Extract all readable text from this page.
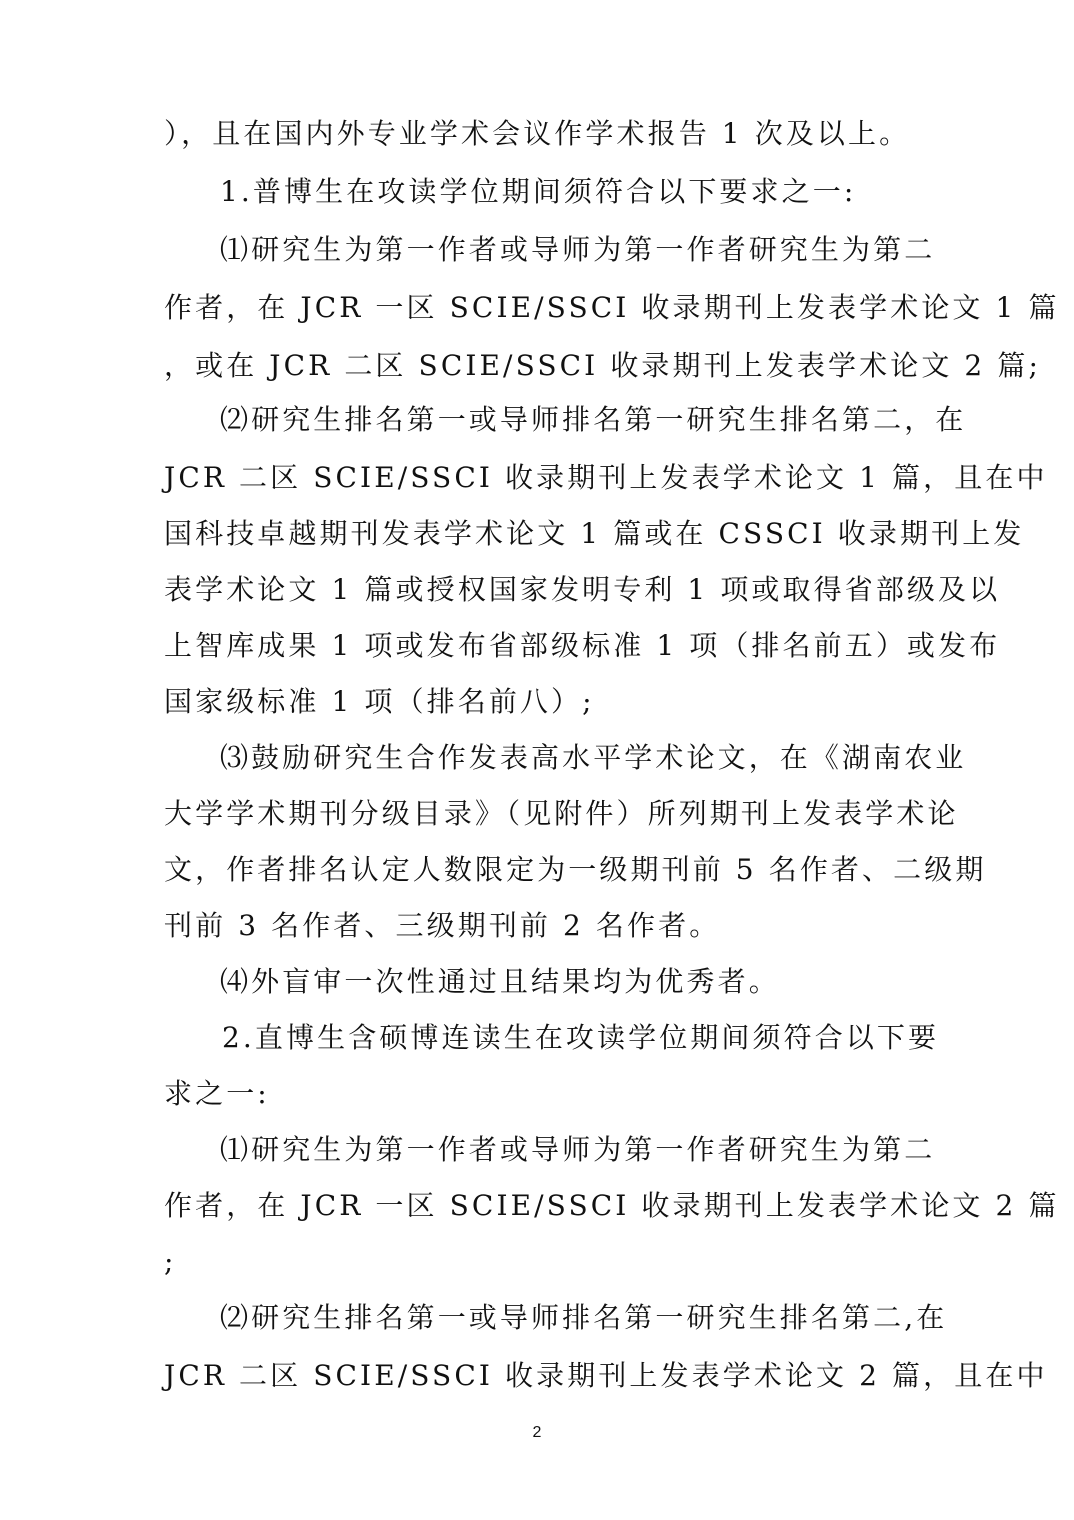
），且在国内外专业学术会议作学术报告 1 次及以上。
1.普博生在攻读学位期间须符合以下要求之一:
⑴研究生为第一作者或导师为第一作者研究生为第二
作者，在 JCR 一区 SCIE/SSCI 收录期刊上发表学术论文 1 篇
，或在 JCR 二区 SCIE/SSCI 收录期刊上发表学术论文 2 篇;
⑵研究生排名第一或导师排名第一研究生排名第二，在
JCR 二区 SCIE/SSCI 收录期刊上发表学术论文 1 篇，且在中
国科技卓越期刊发表学术论文 1 篇或在 CSSCI 收录期刊上发
表学术论文 1 篇或授权国家发明专利 1 项或取得省部级及以
上智库成果 1 项或发布省部级标准 1 项（排名前五）或发布
国家级标准 1 项（排名前八）;
⑶鼓励研究生合作发表高水平学术论文，在《湖南农业
大学学术期刊分级目录》（见附件）所列期刊上发表学术论
文，作者排名认定人数限定为一级期刊前 5 名作者、二级期
刊前 3 名作者、三级期刊前 2 名作者。
⑷外盲审一次性通过且结果均为优秀者。
2.直博生含硕博连读生在攻读学位期间须符合以下要
求之一:
⑴研究生为第一作者或导师为第一作者研究生为第二
作者，在 JCR 一区 SCIE/SSCI 收录期刊上发表学术论文 2 篇
;
⑵研究生排名第一或导师排名第一研究生排名第二,在
JCR 二区 SCIE/SSCI 收录期刊上发表学术论文 2 篇，且在中
2
